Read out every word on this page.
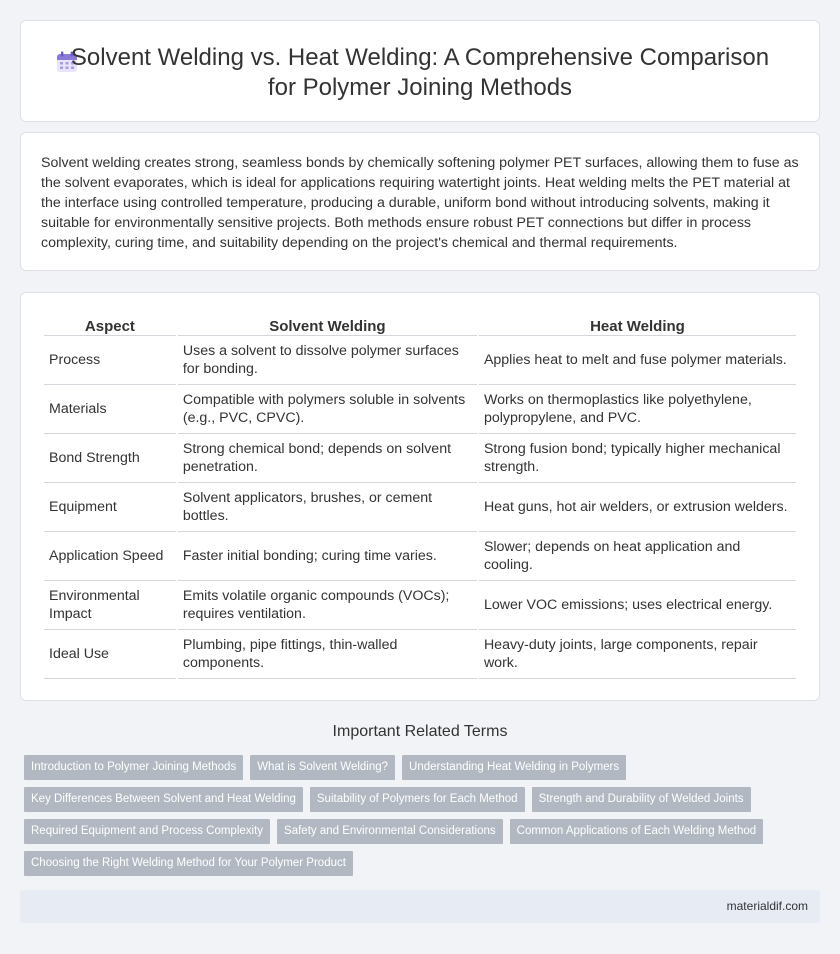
Solvent Welding vs. Heat Welding: A Comprehensive Comparison for Polymer Joining Methods

Solvent welding creates strong, seamless bonds by chemically softening polymer PET surfaces, allowing them to fuse as the solvent evaporates, which is ideal for applications requiring watertight joints. Heat welding melts the PET material at the interface using controlled temperature, producing a durable, uniform bond without introducing solvents, making it suitable for environmentally sensitive projects. Both methods ensure robust PET connections but differ in process complexity, curing time, and suitability depending on the project's chemical and thermal requirements.

Aspect	Solvent Welding	Heat Welding
Process	Uses a solvent to dissolve polymer surfaces for bonding.	Applies heat to melt and fuse polymer materials.
Materials	Compatible with polymers soluble in solvents (e.g., PVC, CPVC).	Works on thermoplastics like polyethylene, polypropylene, and PVC.
Bond Strength	Strong chemical bond; depends on solvent penetration.	Strong fusion bond; typically higher mechanical strength.
Equipment	Solvent applicators, brushes, or cement bottles.	Heat guns, hot air welders, or extrusion welders.
Application Speed	Faster initial bonding; curing time varies.	Slower; depends on heat application and cooling.
Environmental Impact	Emits volatile organic compounds (VOCs); requires ventilation.	Lower VOC emissions; uses electrical energy.
Ideal Use	Plumbing, pipe fittings, thin-walled components.	Heavy-duty joints, large components, repair work.
Important Related Terms
Introduction to Polymer Joining Methods	What is Solvent Welding?	Understanding Heat Welding in Polymers
Key Differences Between Solvent and Heat Welding	Suitability of Polymers for Each Method	Strength and Durability of Welded Joints
Required Equipment and Process Complexity	Safety and Environmental Considerations	Common Applications of Each Welding Method
Choosing the Right Welding Method for Your Polymer Product
materialdif.com
